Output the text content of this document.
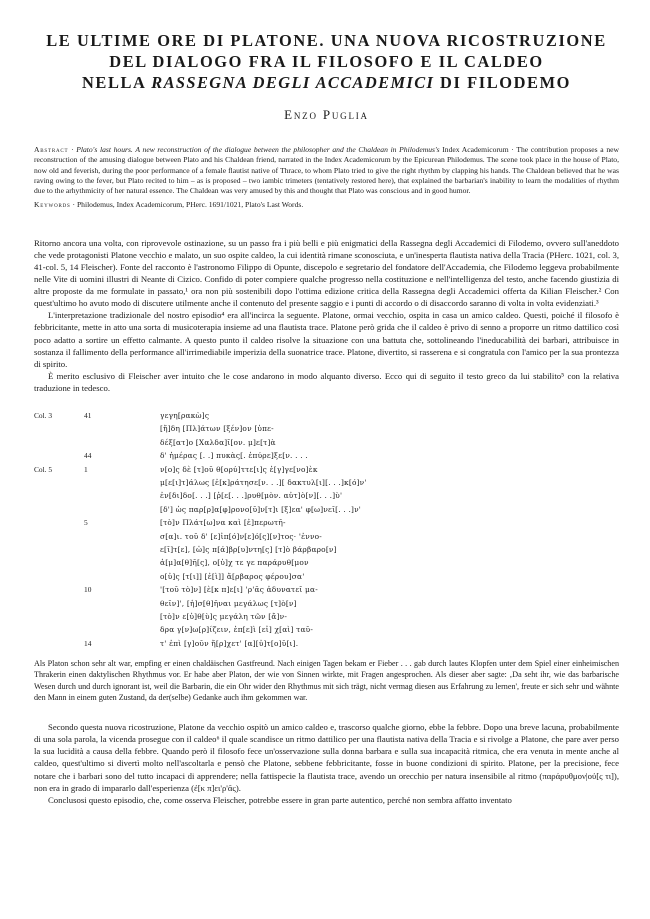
LE ULTIME ORE DI PLATONE. UNA NUOVA RICOSTRUZIONE
DEL DIALOGO FRA IL FILOSOFO E IL CALDEO
NELLA RASSEGNA DEGLI ACCADEMICI DI FILODEMO
Enzo Puglia
Abstract · Plato's last hours. A new reconstruction of the dialogue between the philosopher and the Chaldean in Philodemus's Index Academicorum · The contribution proposes a new reconstruction of the amusing dialogue between Plato and his Chaldean friend, narrated in the Index Academicorum by the Epicurean Philodemus. The scene took place in the house of Plato, now old and feverish, during the poor performance of a female flautist native of Thrace, to whom Plato tried to give the right rhythm by clapping his hands. The Chaldean believed that he was raving owing to the fever, but Plato recited to him – as is proposed – two iambic trimeters (tentatively restored here), that explained the barbarian's inability to learn the modalities of rhythm due to the arhythmicity of her natural essence. The Chaldean was very amused by this and thought that Plato was conscious and in good humor.
Keywords · Philodemus, Index Academicorum, PHerc. 1691/1021, Plato's Last Words.

Ritorno ancora una volta, con riprovevole ostinazione, su un passo fra i più belli e più enigmatici della Rassegna degli Accademici di Filodemo, ovvero sull'aneddoto che vede protagonisti Platone vecchio e malato, un suo ospite caldeo, la cui identità rimane sconosciuta, e un'inesperta flautista nativa della Tracia (PHerc. 1021, col. 3, 41-col. 5, 14 Fleischer). Fonte del racconto è l'astronomo Filippo di Opunte, discepolo e segretario del fondatore dell'Accademia, che Filodemo leggeva probabilmente nelle Vite di uomini illustri di Neante di Cizico. Confido di poter compiere qualche progresso nella costituzione e nell'intelligenza del testo, anche facendo giustizia di altre proposte da me formulate in passato,¹ ora non più sostenibili dopo l'ottima edizione critica della Rassegna degli Accademici offerta da Kilian Fleischer.² Con quest'ultimo ho avuto modo di discutere utilmente anche il contenuto del presente saggio e i punti di accordo o di disaccordo saranno di volta in volta evidenziati.³

L'interpretazione tradizionale del nostro episodio⁴ era all'incirca la seguente. Platone, ormai vecchio, ospita in casa un amico caldeo. Questi, poiché il filosofo è febbricitante, mette in atto una sorta di musicoterapia insieme ad una flautista trace. Platone però grida che il caldeo è privo di senno a proporre un ritmo dattilico così poco adatto a sortire un effetto calmante. A questo punto il caldeo risolve la situazione con una battuta che, sottolineando l'ineducabilità dei barbari, attribuisce in sostanza il fallimento della performance all'irrimediabile imperizia della suonatrice trace. Platone, divertito, si rasserena e si congratula con l'amico per la sua prontezza di spirito.

È merito esclusivo di Fleischer aver intuito che le cose andarono in modo alquanto diverso. Ecco qui di seguito il testo greco da lui stabilito⁵ con la relativa traduzione in tedesco.

Col. 3	41	γεγη[ρακὼ]ς
[ἤ]δη [Πλ]άτων [ξέν]ον [ὑπε-
δέξ[ατ]ο [Χαλδα]ῖ[ον. μ]ε[τ]ὰ
44	δ' ἡμέρας [. .] πυκὰς[. ἐπύρε]ξε[ν. . . .
Col. 5	1	ν[ο]ς δὲ [τ]οῦ θ[ορύ]ττε[ι]ς ἐ[γ]γε[νο]ὲκ
μ[ε[ι]τ]άλως [ἐ[κ]ράτησε[ν. . .][ δακτυλ[ι][. . .]κ[ό]ν'
ἐν[δι]δο[. . .] [ῥ[ε[. . .]ρυθ[μὸν. αὐτ]ὸ[ν][. . .]ὺ'
[δ'] ὡς παρ[ρ]α[φ]ρονο[ῦ]ν[τ]ι [ξ]εα' φ[ω]νεῖ[. . .]ν'
5	[τὸ]ν Πλάτ[ω]να καὶ [ἐ]περωτῆ-
σ[α]ι. τοῦ δ' [ε]ἰπ[ό]ν[ε]ό[ς][ν]τος· 'ἐννο-
ε[ῖ]τ[ε], [ὡ]ς π[ά]βρ[υ]ντη[ς] [τ]ὸ βάρβαρο[ν]
ἀ[μ]α[θ]ῆ[ς], ο[ὐ]χ τε γε παράρυθ[μον
ο[ὐ]ς [τ[ι]] [ἐ[ὶ]] ἄ[ρβαρος φέρου]σα'
10	'[τοῦ τὸ]ν] [ὲ[κ π]ε[ι] 'ρ'ᾶς ἀδυνατεῖ μα-
θεῖν]', [ἡ]σ[θ]ῆναι μεγάλως [τ]ὸ[ν]
[τὸ]ν ε[ὐ]θ[ὺ]ς μεγάλη τῶν [ἄ]ν-
δρα γ[ν]ω[ρ]ίζειν, ἐπ[ε]ὶ [εἰ] χ[αὶ] ταῦ-
14	τ' ἐπὶ [γ]οῦν ἤ[ρ]χετ' [α][ὐ]τ[ο]ῦ[ι].
Als Platon schon sehr alt war, empfing er einen chaldäischen Gastfreund. Nach einigen Tagen bekam er Fieber . . . gab durch lautes Klopfen unter dem Spiel einer einheimischen Thrakerin einen daktylischen Rhythmus vor. Er habe aber Platon, der wie von Sinnen wirkte, mit Fragen angesprochen. Als dieser aber sagte: ‚Da seht ihr, wie das barbarische Wesen durch und durch ignorant ist, weil die Barbarin, die ein Ohr wider den Rhythmus mit sich trägt, nicht vermag diesen aus Erfahrung zu lernen', freute er sich sehr und wähnte den Mann in einem guten Zustand, da der(selbe) Gedanke auch ihm gekommen war.

Secondo questa nuova ricostruzione, Platone da vecchio ospitò un amico caldeo e, trascorso qualche giorno, ebbe la febbre. Dopo una breve lacuna, probabilmente di una sola parola, la vicenda prosegue con il caldeo⁶ il quale scandisce un ritmo dattilico per una flautista nativa della Tracia e si rivolge a Platone, che pare aver perso la sua lucidità a causa della febbre. Quando però il filosofo fece un'osservazione sulla donna barbara e sulla sua incapacità ritmica, che era venuta in mente anche al caldeo, quest'ultimo si divertì molto nell'ascoltarla e pensò che Platone, sebbene febbricitante, fosse in buone condizioni di spirito. Platone, per la precisione, fece notare che i barbari sono del tutto incapaci di apprendere; nella fattispecie la flautista trace, avendo un orecchio per natura insensibile al ritmo (παράρυθμον|οὐ[ς τι]), non era in grado di impararlo dall'esperienza (ἐ[κ π]ει'ρ'ᾶς).

Conclusosi questo episodio, che, come osserva Fleischer, potrebbe essere in gran parte autentico, perché non sembra affatto inventato
